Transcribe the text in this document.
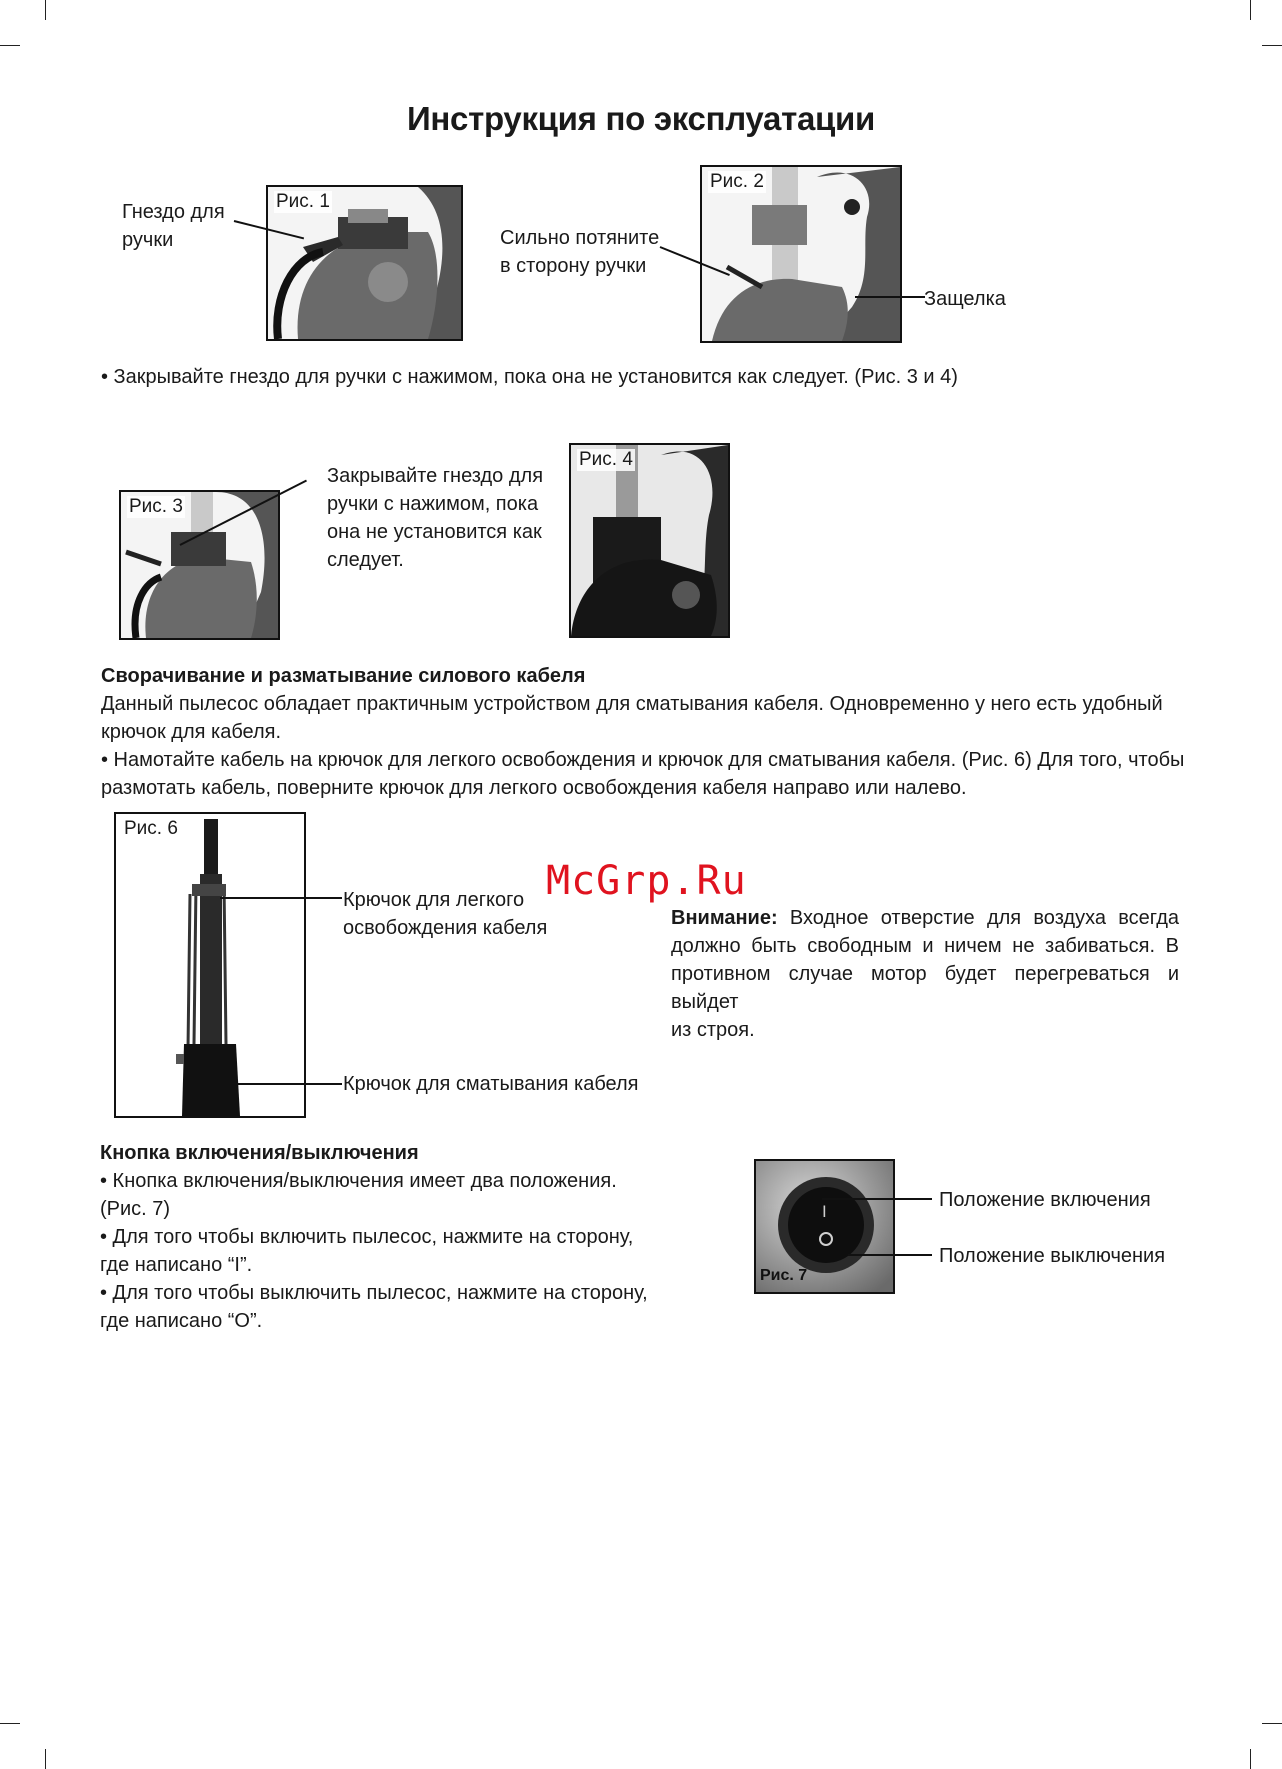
Инструкция по эксплуатации
Гнездо для
ручки
Рис. 1
Сильно потяните
в сторону ручки
Рис. 2
Защелка
• Закрывайте гнездо для ручки с нажимом, пока она не установится как следует. (Рис. 3 и 4)
Рис. 3
Закрывайте гнездо для
ручки с нажимом, пока
она не установится как
следует.
Рис. 4
Сворачивание и разматывание силового кабеля
Данный пылесос обладает практичным устройством для сматывания кабеля. Одновременно у него есть удобный
крючок для кабеля.
• Намотайте кабель на крючок для легкого освобождения и крючок для сматывания кабеля. (Рис. 6) Для того, чтобы
размотать кабель, поверните крючок для легкого освобождения кабеля направо или налево.
Рис. 6
Крючок для легкого
освобождения кабеля
Крючок для сматывания кабеля
McGrp.Ru
Внимание: Входное отверстие для воздуха всегда
должно быть свободным и ничем не забиваться. В
противном случае мотор будет перегреваться и выйдет
из строя.
Кнопка включения/выключения
• Кнопка включения/выключения имеет два положения.
(Рис. 7)
• Для того чтобы включить пылесос, нажмите на сторону,
где написано “I”.
• Для того чтобы выключить пылесос, нажмите на сторону,
где написано “O”.
I
Рис. 7
Положение включения
Положение выключения
